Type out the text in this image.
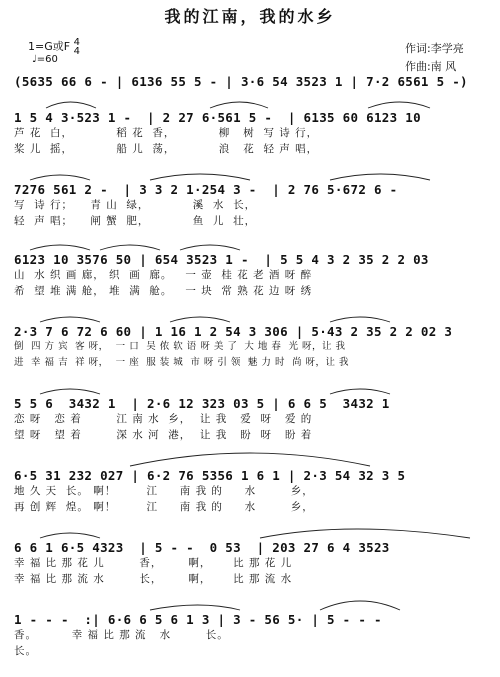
我的江南，我的水乡
1=G或F 4
4
♩=60
作词:李学亮
作曲:南 风
(5635 66 6 - | 6136 55 5 - | 3·6 54 3523 1 | 7·2 6561 5 -)
1 5 4 3·523 1 -  | 2 27 6·561 5 -  | 6135 60 6123 10
芦 花  白，          稻 花  香，          柳   树  写 诗 行，
桨 儿  摇，          船 儿  荡，          浪   花  轻 声 唱，
7276 561 2 -  | 3 3 2 1·254 3 -  | 2 76 5·672 6 -
写  诗 行；    青 山  绿，          溪  水  长，
轻  声 唱；    闸 蟹  肥，          鱼  儿  壮，
6123 10 3576 50 | 654 3523 1 -  | 5 5 4 3 2 35 2 2 03
山  水 织 画 廊， 织  画  廊。   一 壶  桂 花 老 酒 呀 醉
希  望 堆 满 舱， 堆  满  舱。   一 块  常 熟 花 边 呀 绣
2·3 7 6 72 6 60 | 1 16 1 2 54 3 306 | 5·43 2 35 2 2 02 3
倒  四 方 宾  客 呀，  一 口  吴 侬 软 语 呀 美 了  大 地 春  光 呀，让 我
进  幸 福 吉  祥 呀，  一 座  服 装 城  市 呀 引 领  魅 力 时  尚 呀，让 我
5 5 6  3432 1  | 2·6 12 323 03 5 | 6 6 5  3432 1
恋 呀   恋 着        江 南 水  乡，  让 我   爱  呀   爱 的
望 呀   望 着        深 水 河  港，  让 我   盼  呀   盼 着
6·5 31 232 027 | 6·2 76 5356 1 6 1 | 2·3 54 32 3 5
地 久 天  长。 啊！       江     南 我 的     水        乡，
再 创 辉  煌。 啊！       江     南 我 的     水        乡，
6 6 1 6·5 4323  | 5 - -  0 53  | 203 27 6 4 3523
幸 福 比 那 花 儿        香，      啊，     比 那 花 儿
幸 福 比 那 流 水        长，      啊，     比 那 流 水
1 - - -  :| 6·6 6 5 6 1 3 | 3 - 56 5· | 5 - - -
香。        幸 福 比 那 流   水        长。
长。
